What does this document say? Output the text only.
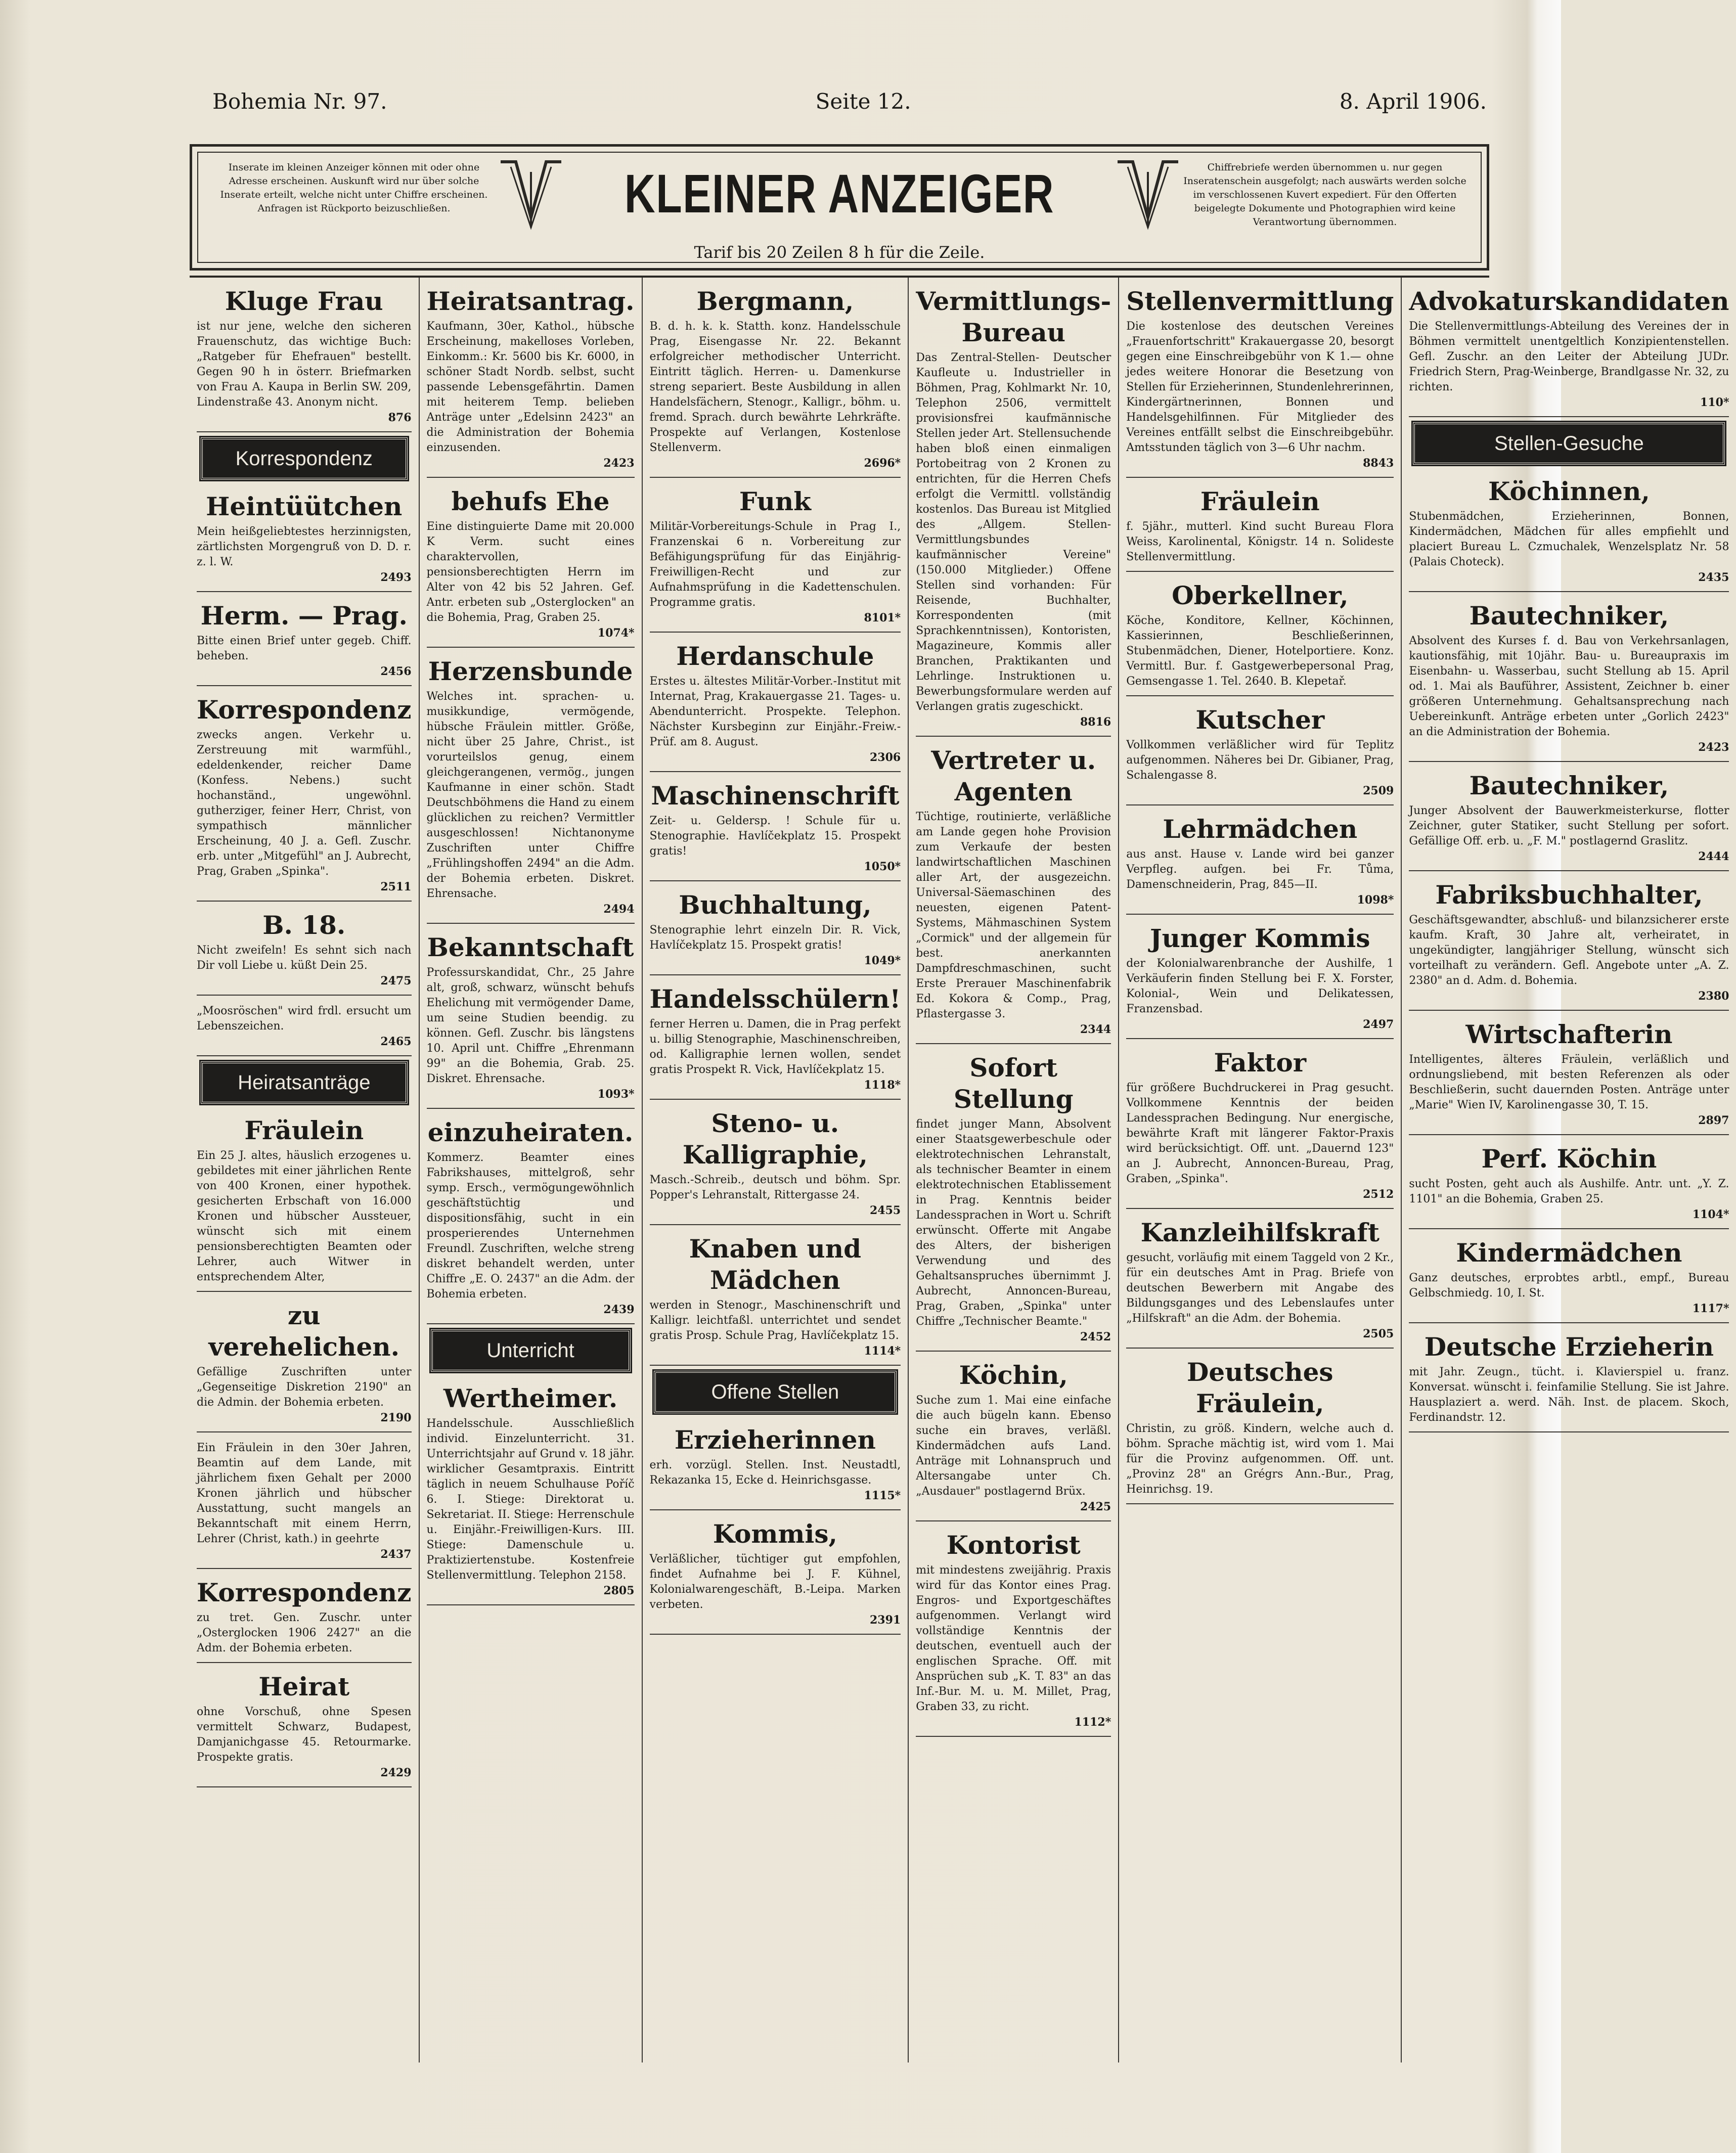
Bohemia Nr. 97.	Seite 12.	8. April 1906.
Inserate im kleinen Anzeiger können mit oder ohne Adresse erscheinen. Auskunft wird nur über solche Inserate erteilt, welche nicht unter Chiffre erscheinen. Anfragen ist Rückporto beizuschließen.	KLEINER ANZEIGER	Chiffrebriefe werden übernommen u. nur gegen Inseratenschein ausgefolgt; nach auswärts werden solche im verschlossenen Kuvert expediert. Für den Offerten beigelegte Dokumente und Photographien wird keine Verantwortung übernommen.
Tarif bis 20 Zeilen 8 h für die Zeile.
Kluge Frau
ist nur jene, welche den sicheren Frauenschutz, das wichtige Buch: „Ratgeber für Ehefrauen" bestellt. Gegen 90 h in österr. Briefmarken von Frau A. Kaupa in Berlin SW. 209, Lindenstraße 43. Anonym nicht.
876
Korrespondenz
Heintüütchen
Mein heißgeliebtestes herzinnigsten, zärtlichsten Morgengruß von D. D. r. z. l. W.
2493
Herm. — Prag.
Bitte einen Brief unter gegeb. Chiff. beheben.
2456
Korrespondenz
zwecks angen. Verkehr u. Zerstreuung mit warmfühl., edeldenkender, reicher Dame (Konfess. Nebens.) sucht hochanständ., ungewöhnl. gutherziger, feiner Herr, Christ, von sympathisch männlicher Erscheinung, 40 J. a. Gefl. Zuschr. erb. unter „Mitgefühl" an J. Aubrecht, Prag, Graben „Spinka".
2511
B. 18.
Nicht zweifeln! Es sehnt sich nach Dir voll Liebe u. küßt Dein 25.
2475
„Moosröschen" wird frdl. ersucht um Lebenszeichen.
2465
Heiratsanträge
Fräulein
Ein 25 J. altes, häuslich erzogenes u. gebildetes mit einer jährlichen Rente von 400 Kronen, einer hypothek. gesicherten Erbschaft von 16.000 Kronen und hübscher Aussteuer, wünscht sich mit einem pensionsberechtigten Beamten oder Lehrer, auch Witwer in entsprechendem Alter,
zu verehelichen.
Gefällige Zuschriften unter „Gegenseitige Diskretion 2190" an die Admin. der Bohemia erbeten.
2190
Ein Fräulein in den 30er Jahren, Beamtin auf dem Lande, mit jährlichem fixen Gehalt per 2000 Kronen jährlich und hübscher Ausstattung, sucht mangels an Bekanntschaft mit einem Herrn, Lehrer (Christ, kath.) in geehrte
2437
Korrespondenz
zu tret. Gen. Zuschr. unter „Osterglocken 1906 2427" an die Adm. der Bohemia erbeten.
Heirat
ohne Vorschuß, ohne Spesen vermittelt Schwarz, Budapest, Damjanichgasse 45. Retourmarke. Prospekte gratis.
2429
Heiratsantrag.
Kaufmann, 30er, Kathol., hübsche Erscheinung, makelloses Vorleben, Einkomm.: Kr. 5600 bis Kr. 6000, in schöner Stadt Nordb. selbst, sucht passende Lebensgefährtin. Damen mit heiterem Temp. belieben Anträge unter „Edelsinn 2423" an die Administration der Bohemia einzusenden.
2423
behufs Ehe
Eine distinguierte Dame mit 20.000 K Verm. sucht eines charaktervollen, pensionsberechtigten Herrn im Alter von 42 bis 52 Jahren. Gef. Antr. erbeten sub „Osterglocken" an die Bohemia, Prag, Graben 25.
1074*
Herzensbunde
Welches int. sprachen- u. musikkundige, vermögende, hübsche Fräulein mittler. Größe, nicht über 25 Jahre, Christ., ist vorurteilslos genug, einem gleichgerangenen, vermög., jungen Kaufmanne in einer schön. Stadt Deutschböhmens die Hand zu einem glücklichen zu reichen? Vermittler ausgeschlossen! Nichtanonyme Zuschriften unter Chiffre „Frühlingshoffen 2494" an die Adm. der Bohemia erbeten. Diskret. Ehrensache.
2494
Bekanntschaft
Professurskandidat, Chr., 25 Jahre alt, groß, schwarz, wünscht behufs Ehelichung mit vermögender Dame, um seine Studien beendig. zu können. Gefl. Zuschr. bis längstens 10. April unt. Chiffre „Ehrenmann 99" an die Bohemia, Grab. 25. Diskret. Ehrensache.
1093*
einzuheiraten.
Kommerz. Beamter eines Fabrikshauses, mittelgroß, sehr symp. Ersch., vermögungewöhnlich geschäftstüchtig und dispositionsfähig, sucht in ein prosperierendes Unternehmen Freundl. Zuschriften, welche streng diskret behandelt werden, unter Chiffre „E. O. 2437" an die Adm. der Bohemia erbeten.
2439
Unterricht
Wertheimer.
Handelsschule. Ausschließlich individ. Einzelunterricht. 31. Unterrichtsjahr auf Grund v. 18 jähr. wirklicher Gesamtpraxis. Eintritt täglich in neuem Schulhause Poříč 6. I. Stiege: Direktorat u. Sekretariat. II. Stiege: Herrenschule u. Einjähr.-Freiwilligen-Kurs. III. Stiege: Damenschule u. Praktiziertenstube. Kostenfreie Stellenvermittlung. Telephon 2158.
2805
Bergmann,
B. d. h. k. k. Statth. konz. Handelsschule Prag, Eisengasse Nr. 22. Bekannt erfolgreicher methodischer Unterricht. Eintritt täglich. Herren- u. Damenkurse streng separiert. Beste Ausbildung in allen Handelsfächern, Stenogr., Kalligr., böhm. u. fremd. Sprach. durch bewährte Lehrkräfte. Prospekte auf Verlangen, Kostenlose Stellenverm.
2696*
Funk
Militär-Vorbereitungs-Schule in Prag I., Franzenskai 6 n. Vorbereitung zur Befähigungsprüfung für das Einjährig-Freiwilligen-Recht und zur Aufnahmsprüfung in die Kadettenschulen. Programme gratis.
8101*
Herdanschule
Erstes u. ältestes Militär-Vorber.-Institut mit Internat, Prag, Krakauergasse 21. Tages- u. Abendunterricht. Prospekte. Telephon. Nächster Kursbeginn zur Einjähr.-Freiw.-Prüf. am 8. August.
2306
Maschinenschrift
Zeit- u. Geldersp. ! Schule für u. Stenographie. Havlíčekplatz 15. Prospekt gratis!
1050*
Buchhaltung,
Stenographie lehrt einzeln Dir. R. Vick, Havlíčekplatz 15. Prospekt gratis!
1049*
Handelsschülern!
ferner Herren u. Damen, die in Prag perfekt u. billig Stenographie, Maschinenschreiben, od. Kalligraphie lernen wollen, sendet gratis Prospekt R. Vick, Havlíčekplatz 15.
1118*
Steno- u. Kalligraphie,
Masch.-Schreib., deutsch und böhm. Spr. Popper's Lehranstalt, Rittergasse 24.
2455
Knaben und Mädchen
werden in Stenogr., Maschinenschrift und Kalligr. leichtfaßl. unterrichtet und sendet gratis Prosp. Schule Prag, Havlíčekplatz 15.
1114*
Offene Stellen
Erzieherinnen
erh. vorzügl. Stellen. Inst. Neustadtl, Rekazanka 15, Ecke d. Heinrichsgasse.
1115*
Kommis,
Verläßlicher, tüchtiger gut empfohlen, findet Aufnahme bei J. F. Kühnel, Kolonialwarengeschäft, B.-Leipa. Marken verbeten.
2391
Vermittlungs-Bureau
Das Zentral-Stellen- Deutscher Kaufleute u. Industrieller in Böhmen, Prag, Kohlmarkt Nr. 10, Telephon 2506, vermittelt provisionsfrei kaufmännische Stellen jeder Art. Stellensuchende haben bloß einen einmaligen Portobeitrag von 2 Kronen zu entrichten, für die Herren Chefs erfolgt die Vermittl. vollständig kostenlos. Das Bureau ist Mitglied des „Allgem. Stellen-Vermittlungsbundes kaufmännischer Vereine" (150.000 Mitglieder.) Offene Stellen sind vorhanden: Für Reisende, Buchhalter, Korrespondenten (mit Sprachkenntnissen), Kontoristen, Magazineure, Kommis aller Branchen, Praktikanten und Lehrlinge. Instruktionen u. Bewerbungsformulare werden auf Verlangen gratis zugeschickt.
8816
Vertreter u. Agenten
Tüchtige, routinierte, verläßliche am Lande gegen hohe Provision zum Verkaufe der besten landwirtschaftlichen Maschinen aller Art, der ausgezeichn. Universal-Säemaschinen des neuesten, eigenen Patent-Systems, Mähmaschinen System „Cormick" und der allgemein für best. anerkannten Dampfdreschmaschinen, sucht Erste Prerauer Maschinenfabrik Ed. Kokora & Comp., Prag, Pflastergasse 3.
2344
Sofort Stellung
findet junger Mann, Absolvent einer Staatsgewerbeschule oder elektrotechnischen Lehranstalt, als technischer Beamter in einem elektrotechnischen Etablissement in Prag. Kenntnis beider Landessprachen in Wort u. Schrift erwünscht. Offerte mit Angabe des Alters, der bisherigen Verwendung und des Gehaltsanspruches übernimmt J. Aubrecht, Annoncen-Bureau, Prag, Graben, „Spinka" unter Chiffre „Technischer Beamte."
2452
Köchin,
Suche zum 1. Mai eine einfache die auch bügeln kann. Ebenso suche ein braves, verläßl. Kindermädchen aufs Land. Anträge mit Lohnanspruch und Altersangabe unter Ch. „Ausdauer" postlagernd Brüx.
2425
Kontorist
mit mindestens zweijährig. Praxis wird für das Kontor eines Prag. Engros- und Exportgeschäftes aufgenommen. Verlangt wird vollständige Kenntnis der deutschen, eventuell auch der englischen Sprache. Off. mit Ansprüchen sub „K. T. 83" an das Inf.-Bur. M. u. M. Millet, Prag, Graben 33, zu richt.
1112*
Stellenvermittlung
Die kostenlose des deutschen Vereines „Frauenfortschritt" Krakauergasse 20, besorgt gegen eine Einschreibgebühr von K 1.— ohne jedes weitere Honorar die Besetzung von Stellen für Erzieherinnen, Stundenlehrerinnen, Kindergärtnerinnen, Bonnen und Handelsgehilfinnen. Für Mitglieder des Vereines entfällt selbst die Einschreibgebühr. Amtsstunden täglich von 3—6 Uhr nachm.
8843
Fräulein
f. 5jähr., mutterl. Kind sucht Bureau Flora Weiss, Karolinental, Königstr. 14 n. Solideste Stellenvermittlung.
Oberkellner,
Köche, Konditore, Kellner, Köchinnen, Kassierinnen, Beschließerinnen, Stubenmädchen, Diener, Hotelportiere. Konz. Vermittl. Bur. f. Gastgewerbepersonal Prag, Gemsengasse 1. Tel. 2640. B. Klepetař.
Kutscher
Vollkommen verläßlicher wird für Teplitz aufgenommen. Näheres bei Dr. Gibianer, Prag, Schalengasse 8.
2509
Lehrmädchen
aus anst. Hause v. Lande wird bei ganzer Verpfleg. aufgen. bei Fr. Tůma, Damenschneiderin, Prag, 845—II.
1098*
Junger Kommis
der Kolonialwarenbranche der Aushilfe, 1 Verkäuferin finden Stellung bei F. X. Forster, Kolonial-, Wein und Delikatessen, Franzensbad.
2497
Faktor
für größere Buchdruckerei in Prag gesucht. Vollkommene Kenntnis der beiden Landessprachen Bedingung. Nur energische, bewährte Kraft mit längerer Faktor-Praxis wird berücksichtigt. Off. unt. „Dauernd 123" an J. Aubrecht, Annoncen-Bureau, Prag, Graben, „Spinka".
2512
Kanzleihilfskraft
gesucht, vorläufig mit einem Taggeld von 2 Kr., für ein deutsches Amt in Prag. Briefe von deutschen Bewerbern mit Angabe des Bildungsganges und des Lebenslaufes unter „Hilfskraft" an die Adm. der Bohemia.
2505
Deutsches Fräulein,
Christin, zu größ. Kindern, welche auch d. böhm. Sprache mächtig ist, wird vom 1. Mai für die Provinz aufgenommen. Off. unt. „Provinz 28" an Grégrs Ann.-Bur., Prag, Heinrichsg. 19.
Advokaturskandidaten
Die Stellenvermittlungs-Abteilung des Vereines der in Böhmen vermittelt unentgeltlich Konzipientenstellen. Gefl. Zuschr. an den Leiter der Abteilung JUDr. Friedrich Stern, Prag-Weinberge, Brandlgasse Nr. 32, zu richten.
110*
Stellen-Gesuche
Köchinnen,
Stubenmädchen, Erzieherinnen, Bonnen, Kindermädchen, Mädchen für alles empfiehlt und placiert Bureau L. Czmuchalek, Wenzelsplatz Nr. 58 (Palais Choteck).
2435
Bautechniker,
Absolvent des Kurses f. d. Bau von Verkehrsanlagen, kautionsfähig, mit 10jähr. Bau- u. Bureaupraxis im Eisenbahn- u. Wasserbau, sucht Stellung ab 15. April od. 1. Mai als Bauführer, Assistent, Zeichner b. einer größeren Unternehmung. Gehaltsansprechung nach Uebereinkunft. Anträge erbeten unter „Gorlich 2423" an die Administration der Bohemia.
2423
Bautechniker,
Junger Absolvent der Bauwerkmeisterkurse, flotter Zeichner, guter Statiker, sucht Stellung per sofort. Gefällige Off. erb. u. „F. M." postlagernd Graslitz.
2444
Fabriksbuchhalter,
Geschäftsgewandter, abschluß- und bilanzsicherer erste kaufm. Kraft, 30 Jahre alt, verheiratet, in ungekündigter, langjähriger Stellung, wünscht sich vorteilhaft zu verändern. Gefl. Angebote unter „A. Z. 2380" an d. Adm. d. Bohemia.
2380
Wirtschafterin
Intelligentes, älteres Fräulein, verläßlich und ordnungsliebend, mit besten Referenzen als oder Beschließerin, sucht dauernden Posten. Anträge unter „Marie" Wien IV, Karolinengasse 30, T. 15.
2897
Perf. Köchin
sucht Posten, geht auch als Aushilfe. Antr. unt. „Y. Z. 1101" an die Bohemia, Graben 25.
1104*
Kindermädchen
Ganz deutsches, erprobtes arbtl., empf., Bureau Gelbschmiedg. 10, I. St.
1117*
Deutsche Erzieherin
mit Jahr. Zeugn., tücht. i. Klavierspiel u. franz. Konversat. wünscht i. feinfamilie Stellung. Sie ist Jahre. Hausplaziert a. werd. Näh. Inst. de placem. Skoch, Ferdinandstr. 12.
